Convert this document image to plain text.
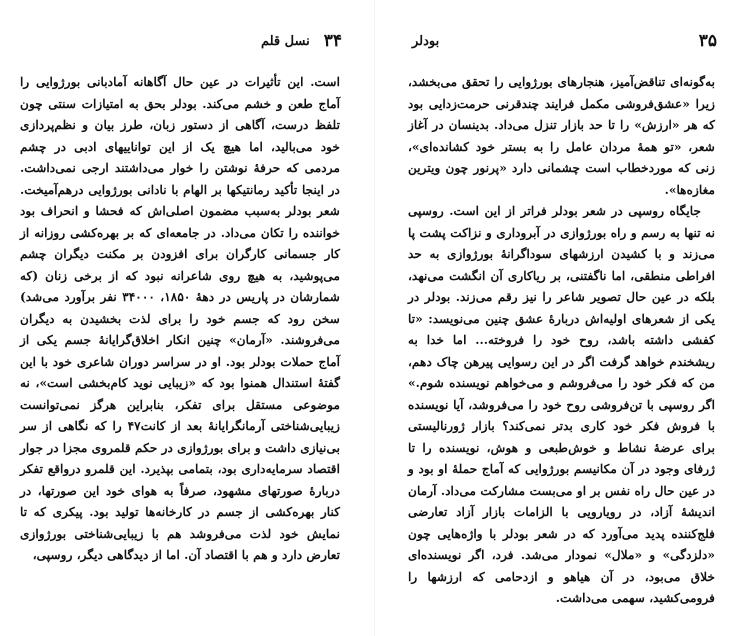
۳۴
نسل قلم

است. این تأثیرات در عین حال آگاهانه آمادبانی بورژوایی را آماج طعن و خشم می‌کند. بودلر بحق به امتیازات سنتی چون تلفظ درست، آگاهی از دستور زبان، طرز بیان و نظم‌پردازی خود می‌بالید، اما هیچ یک از این تواناییهای ادبی در چشم مردمی که حرفهٔ نوشتن را خوار می‌داشتند ارجی نمی‌داشت. در اینجا تأکید رمانتیکها بر الهام با نادانی بورژوایی درهم‌آمیخت. شعر بودلر به‌سبب مضمون اصلی‌اش که فحشا و انحراف بود خواننده را تکان می‌داد. در جامعه‌ای که بر بهره‌کشی روزانه از کار جسمانی کارگران برای افزودن بر مکنت دیگران چشم می‌پوشید، به هیچ روی شاعرانه نبود که از برخی زنان (که شمارشان در پاریس در دههٔ ۱۸۵۰، ۳۴۰۰۰ نفر برآورد می‌شد) سخن رود که جسم خود را برای لذت بخشیدن به دیگران می‌فروشند. «آرمان» چنین انکار اخلاق‌گرایانهٔ جسم یکی از آماج حملات بودلر بود. او در سراسر دوران شاعری خود با این گفتهٔ استندال همنوا بود که «زیبایی نوید کام‌بخشی است»، نه موضوعی مستقل برای تفکر، بنابراین هرگز نمی‌توانست زیبایی‌شناختی آرمانگرایانهٔ بعد از کانت۴۷ را که نگاهی از سر بی‌نیازی داشت و برای بورژوازی در حکم قلمروی مجزا در جوار اقتصاد سرمایه‌داری بود، بتمامی بپذیرد. این قلمرو درواقع تفکر دربارهٔ صورتهای مشهود، صرفاً به هوای خود این صورتها، در کنار بهره‌کشی از جسم در کارخانه‌ها تولید بود. پیکری که تا نمایش خود لذت می‌فروشد هم با زیبایی‌شناختی بورژوازی تعارض دارد و هم با اقتصاد آن. اما از دیدگاهی دیگر، روسپی،

۳۵
بودلر

به‌گونه‌ای تناقض‌آمیز، هنجارهای بورژوایی را تحقق می‌بخشد، زیرا «عشق‌فروشی مکمل فرایند چندقرنی حرمت‌زدایی بود که هر «ارزش» را تا حد بازار تنزل می‌داد. بدینسان در آغاز شعر، «تو همهٔ مردان عامل را به بستر خود کشانده‌ای»، زنی که موردخطاب است چشمانی دارد «پرنور چون ویترین مغازه‌ها».

جایگاه روسپی در شعر بودلر فراتر از این است. روسپی نه تنها به رسم و راه بورژوازی در آبروداری و نزاکت پشت پا می‌زند و با کشیدن ارزشهای سوداگرانهٔ بورژوازی به حد افراطی منطقی، اما ناگفتنی، بر ریاکاری آن انگشت می‌نهد، بلکه در عین حال تصویر شاعر را نیز رقم می‌زند. بودلر در یکی از شعرهای اولیه‌اش دربارهٔ عشق چنین می‌نویسد: «تا کفشی داشته باشد، روح خود را فروخته... اما خدا به ریشخندم خواهد گرفت اگر در این رسوایی پیرهن چاک دهم، من که فکر خود را می‌فروشم و می‌خواهم نویسنده شوم.» اگر روسپی با تن‌فروشی روح خود را می‌فروشد، آیا نویسنده با فروش فکر خود کاری بدتر نمی‌کند؟ بازار ژورنالیستی برای عرضهٔ نشاط و خوش‌طبعی و هوش، نویسنده را تا ژرفای وجود در آن مکانیسم بورژوایی که آماج حملهٔ او بود و در عین حال راه نفس بر او می‌بست مشارکت می‌داد. آرمان اندیشهٔ آزاد، در رویارویی با الزامات بازار آزاد تعارضی فلج‌کننده پدید می‌آورد که در شعر بودلر با واژه‌هایی چون «دلزدگی» و «ملال» نمودار می‌شد. فرد، اگر نویسنده‌ای خلاق می‌بود، در آن هیاهو و ازدحامی که ارزشها را فرومی‌کشید، سهمی می‌داشت.
